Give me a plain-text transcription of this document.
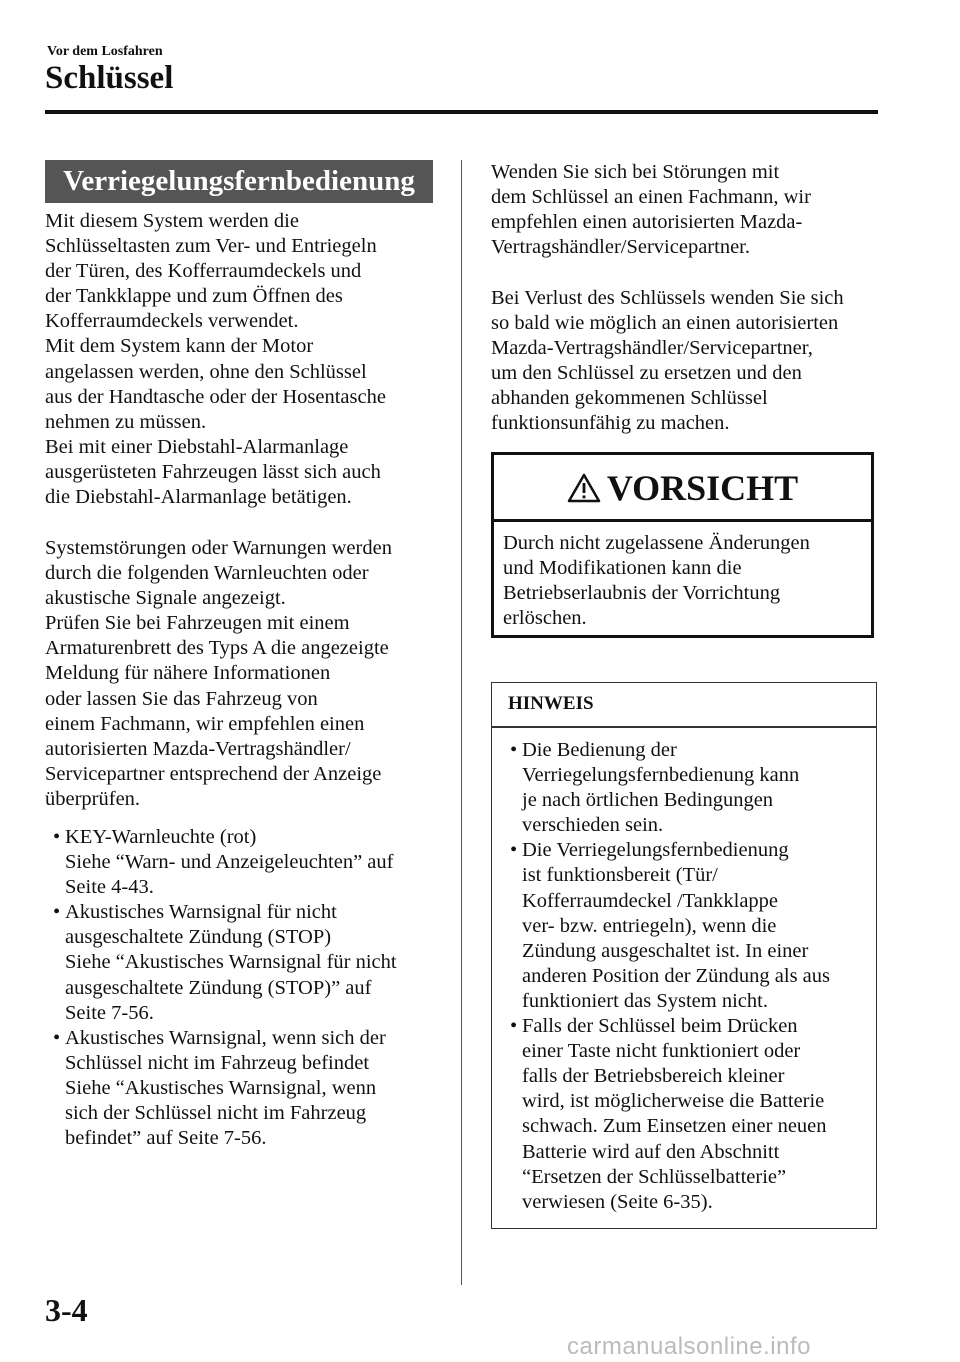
Vor dem Losfahren
Schlüssel
Verriegelungsfernbedienung
Mit diesem System werden die
Schlüsseltasten zum Ver- und Entriegeln
der Türen, des Kofferraumdeckels und
der Tankklappe und zum Öffnen des
Kofferraumdeckels verwendet.
Mit dem System kann der Motor
angelassen werden, ohne den Schlüssel
aus der Handtasche oder der Hosentasche
nehmen zu müssen.
Bei mit einer Diebstahl-Alarmanlage
ausgerüsteten Fahrzeugen lässt sich auch
die Diebstahl-Alarmanlage betätigen.
Systemstörungen oder Warnungen werden
durch die folgenden Warnleuchten oder
akustische Signale angezeigt.
Prüfen Sie bei Fahrzeugen mit einem
Armaturenbrett des Typs A die angezeigte
Meldung für nähere Informationen
oder lassen Sie das Fahrzeug von
einem Fachmann, wir empfehlen einen
autorisierten Mazda-Vertragshändler/
Servicepartner entsprechend der Anzeige
überprüfen.
• KEY-Warnleuchte (rot)
Siehe “Warn- und Anzeigeleuchten” auf
Seite 4-43.
• Akustisches Warnsignal für nicht
ausgeschaltete Zündung (STOP)
Siehe “Akustisches Warnsignal für nicht
ausgeschaltete Zündung (STOP)” auf
Seite 7-56.
• Akustisches Warnsignal, wenn sich der
Schlüssel nicht im Fahrzeug befindet
Siehe “Akustisches Warnsignal, wenn
sich der Schlüssel nicht im Fahrzeug
befindet” auf Seite 7-56.
Wenden Sie sich bei Störungen mit
dem Schlüssel an einen Fachmann, wir
empfehlen einen autorisierten Mazda-
Vertragshändler/Servicepartner.
Bei Verlust des Schlüssels wenden Sie sich
so bald wie möglich an einen autorisierten
Mazda-Vertragshändler/Servicepartner,
um den Schlüssel zu ersetzen und den
abhanden gekommenen Schlüssel
funktionsunfähig zu machen.
VORSICHT
Durch nicht zugelassene Änderungen
und Modifikationen kann die
Betriebserlaubnis der Vorrichtung
erlöschen.
HINWEIS
• Die Bedienung der
Verriegelungsfernbedienung kann
je nach örtlichen Bedingungen
verschieden sein.
• Die Verriegelungsfernbedienung
ist funktionsbereit (Tür/
Kofferraumdeckel /Tankklappe
ver- bzw. entriegeln), wenn die
Zündung ausgeschaltet ist. In einer
anderen Position der Zündung als aus
funktioniert das System nicht.
• Falls der Schlüssel beim Drücken
einer Taste nicht funktioniert oder
falls der Betriebsbereich kleiner
wird, ist möglicherweise die Batterie
schwach. Zum Einsetzen einer neuen
Batterie wird auf den Abschnitt
“Ersetzen der Schlüsselbatterie”
verwiesen (Seite 6-35).
3-4
carmanualsonline.info
